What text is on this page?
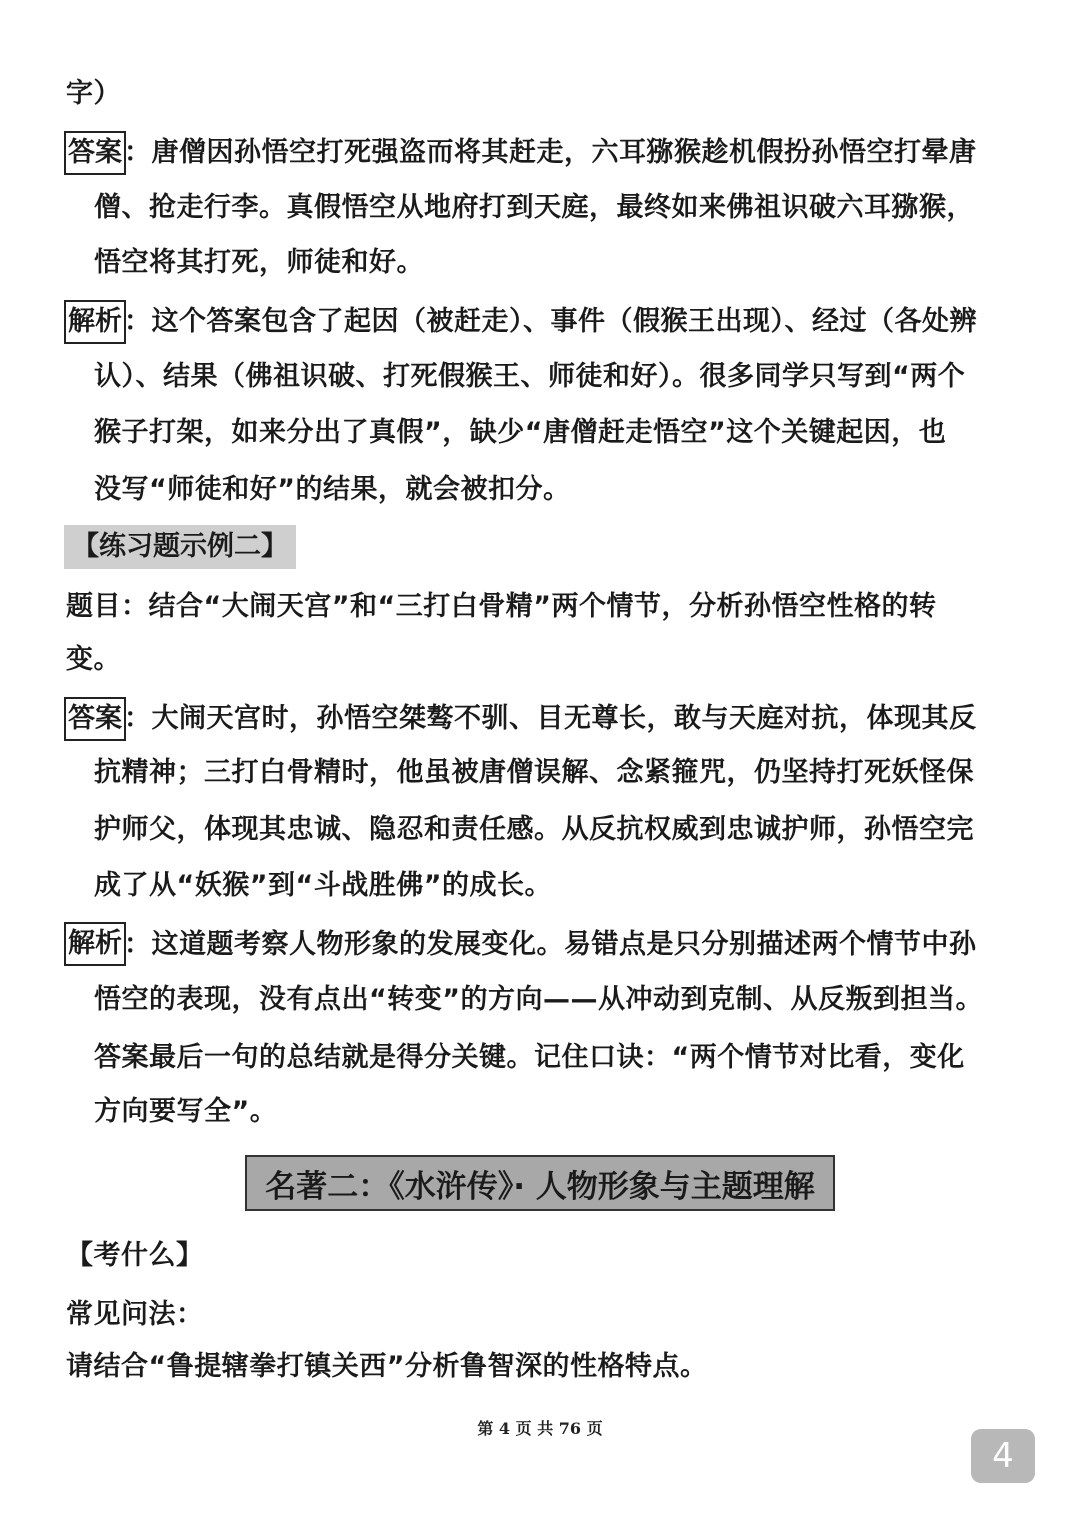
字）
答案 ：唐僧因孙悟空打死强盗而将其赶走，六耳猕猴趁机假扮孙悟空打晕唐
僧、抢走行李。真假悟空从地府打到天庭，最终如来佛祖识破六耳猕猴，
悟空将其打死，师徒和好。
解析 ：这个答案包含了起因（被赶走）、事件（假猴王出现）、经过（各处辨
认）、结果（佛祖识破、打死假猴王、师徒和好）。很多同学只写到“两个
猴子打架，如来分出了真假”，缺少“唐僧赶走悟空”这个关键起因，也
没写“师徒和好”的结果，就会被扣分。
【练习题示例二】
题目：结合“大闹天宫”和“三打白骨精”两个情节，分析孙悟空性格的转
变。
答案 ：大闹天宫时，孙悟空桀骜不驯、目无尊长，敢与天庭对抗，体现其反
抗精神；三打白骨精时，他虽被唐僧误解、念紧箍咒，仍坚持打死妖怪保
护师父，体现其忠诚、隐忍和责任感。从反抗权威到忠诚护师，孙悟空完
成了从“妖猴”到“斗战胜佛”的成长。
解析 ：这道题考察人物形象的发展变化。易错点是只分别描述两个情节中孙
悟空的表现，没有点出“转变”的方向——从冲动到克制、从反叛到担当。
答案最后一句的总结就是得分关键。记住口诀：“两个情节对比看，变化
方向要写全”。
名著二：《水浒传》· 人物形象与主题理解
【考什么】
常见问法：
请结合“鲁提辖拳打镇关西”分析鲁智深的性格特点。
第 4 页 共 76 页
4
